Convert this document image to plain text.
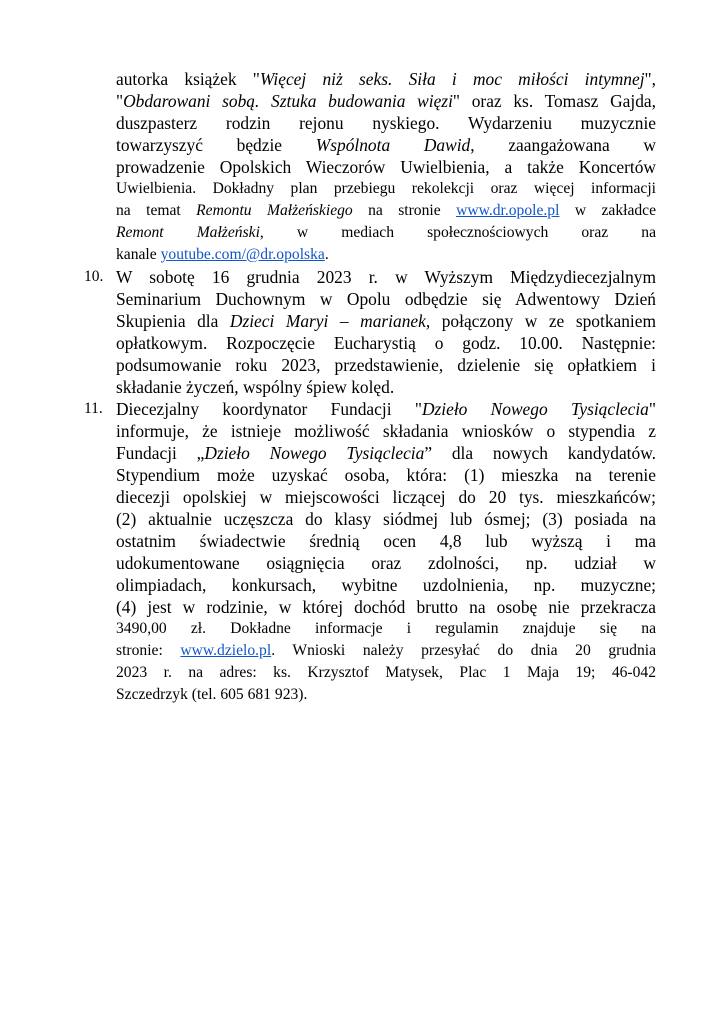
autorka książek "Więcej niż seks. Siła i moc miłości intymnej",
"Obdarowani sobą. Sztuka budowania więzi" oraz ks. Tomasz Gajda,
duszpasterz rodzin rejonu nyskiego. Wydarzeniu muzycznie
towarzyszyć będzie Wspólnota Dawid, zaangażowana w
prowadzenie Opolskich Wieczorów Uwielbienia, a także Koncertów
Uwielbienia. Dokładny plan przebiegu rekolekcji oraz więcej informacji
na temat Remontu Małżeńskiego na stronie www.dr.opole.pl w zakładce
Remont Małżeński, w mediach społecznościowych oraz na
kanale youtube.com/@dr.opolska.
10. W sobotę 16 grudnia 2023 r. w Wyższym Międzydiecezjalnym
Seminarium Duchownym w Opolu odbędzie się Adwentowy Dzień
Skupienia dla Dzieci Maryi – marianek, połączony w ze spotkaniem
opłatkowym. Rozpoczęcie Eucharystią o godz. 10.00. Następnie:
podsumowanie roku 2023, przedstawienie, dzielenie się opłatkiem i
składanie życzeń, wspólny śpiew kolęd.
11. Diecezjalny koordynator Fundacji "Dzieło Nowego Tysiąclecia"
informuje, że istnieje możliwość składania wniosków o stypendia z
Fundacji „Dzieło Nowego Tysiąclecia” dla nowych kandydatów.
Stypendium może uzyskać osoba, która: (1) mieszka na terenie
diecezji opolskiej w miejscowości liczącej do 20 tys. mieszkańców;
(2) aktualnie uczęszcza do klasy siódmej lub ósmej; (3) posiada na
ostatnim świadectwie średnią ocen 4,8 lub wyższą i ma
udokumentowane osiągnięcia oraz zdolności, np. udział w
olimpiadach, konkursach, wybitne uzdolnienia, np. muzyczne;
(4) jest w rodzinie, w której dochód brutto na osobę nie przekracza
3490,00 zł. Dokładne informacje i regulamin znajduje się na
stronie: www.dzielo.pl. Wnioski należy przesyłać do dnia 20 grudnia
2023 r. na adres: ks. Krzysztof Matysek, Plac 1 Maja 19; 46-042
Szczedrzyk (tel. 605 681 923).
